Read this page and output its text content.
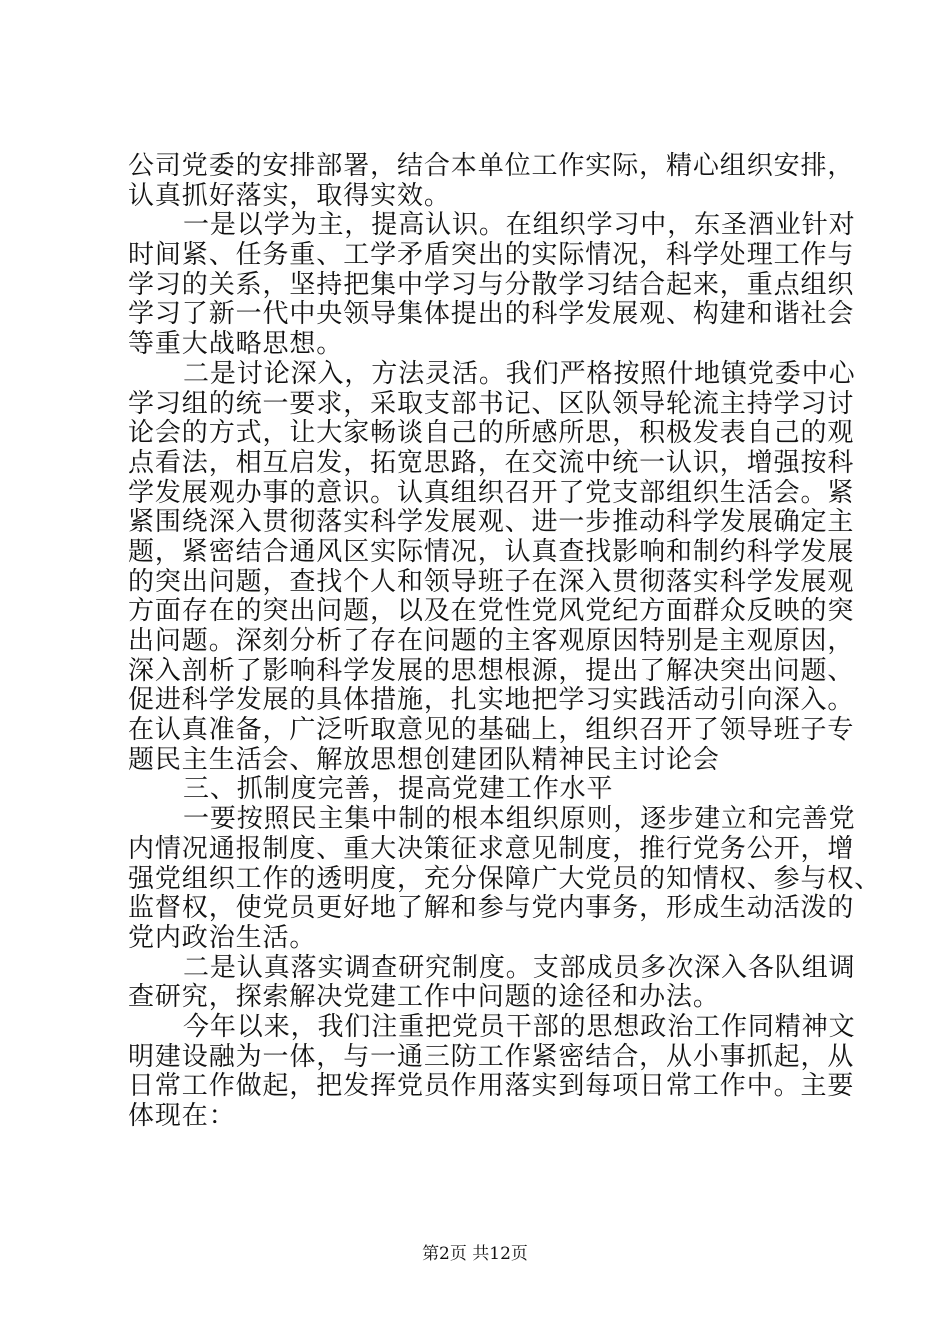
公司党委的安排部署，结合本单位工作实际，精心组织安排，
认真抓好落实，取得实效。
一是以学为主，提高认识。在组织学习中，东圣酒业针对
时间紧、任务重、工学矛盾突出的实际情况，科学处理工作与
学习的关系，坚持把集中学习与分散学习结合起来，重点组织
学习了新一代中央领导集体提出的科学发展观、构建和谐社会
等重大战略思想。
二是讨论深入，方法灵活。我们严格按照什地镇党委中心
学习组的统一要求，采取支部书记、区队领导轮流主持学习讨
论会的方式，让大家畅谈自己的所感所思，积极发表自己的观
点看法，相互启发，拓宽思路，在交流中统一认识，增强按科
学发展观办事的意识。认真组织召开了党支部组织生活会。紧
紧围绕深入贯彻落实科学发展观、进一步推动科学发展确定主
题，紧密结合通风区实际情况，认真查找影响和制约科学发展
的突出问题，查找个人和领导班子在深入贯彻落实科学发展观
方面存在的突出问题，以及在党性党风党纪方面群众反映的突
出问题。深刻分析了存在问题的主客观原因特别是主观原因，
深入剖析了影响科学发展的思想根源，提出了解决突出问题、
促进科学发展的具体措施，扎实地把学习实践活动引向深入。
在认真准备，广泛听取意见的基础上，组织召开了领导班子专
题民主生活会、解放思想创建团队精神民主讨论会
三、抓制度完善，提高党建工作水平
一要按照民主集中制的根本组织原则，逐步建立和完善党
内情况通报制度、重大决策征求意见制度，推行党务公开，增
强党组织工作的透明度，充分保障广大党员的知情权、参与权、
监督权，使党员更好地了解和参与党内事务，形成生动活泼的
党内政治生活。
二是认真落实调查研究制度。支部成员多次深入各队组调
查研究，探索解决党建工作中问题的途径和办法。
今年以来，我们注重把党员干部的思想政治工作同精神文
明建设融为一体，与一通三防工作紧密结合，从小事抓起，从
日常工作做起，把发挥党员作用落实到每项日常工作中。主要
体现在：
第2页 共12页
